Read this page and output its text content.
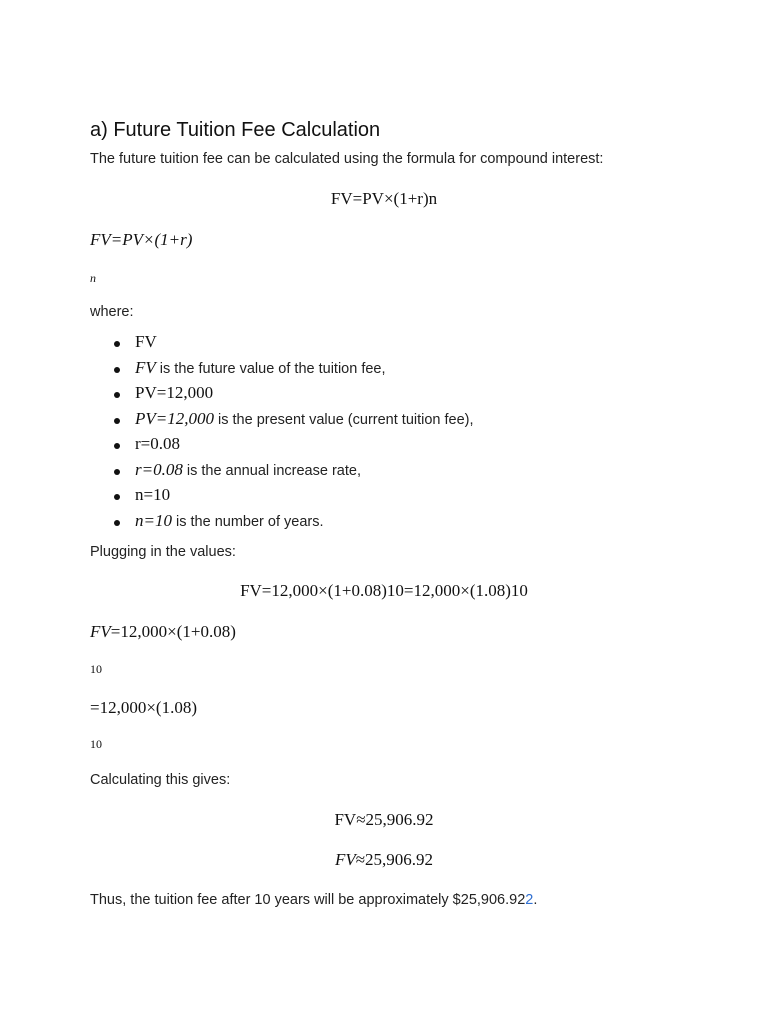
a) Future Tuition Fee Calculation
The future tuition fee can be calculated using the formula for compound interest:
FV=PV×(1+r)n
FV=PV×(1+r)
n
where:
FV
FV is the future value of the tuition fee,
PV=12,000
PV=12,000 is the present value (current tuition fee),
r=0.08
r=0.08 is the annual increase rate,
n=10
n=10 is the number of years.
Plugging in the values:
FV=12,000×(1+0.08)10=12,000×(1.08)10
FV=12,000×(1+0.08)
10
=12,000×(1.08)
10
Calculating this gives:
FV≈25,906.92
FV≈25,906.92
Thus, the tuition fee after 10 years will be approximately $25,906.922.
